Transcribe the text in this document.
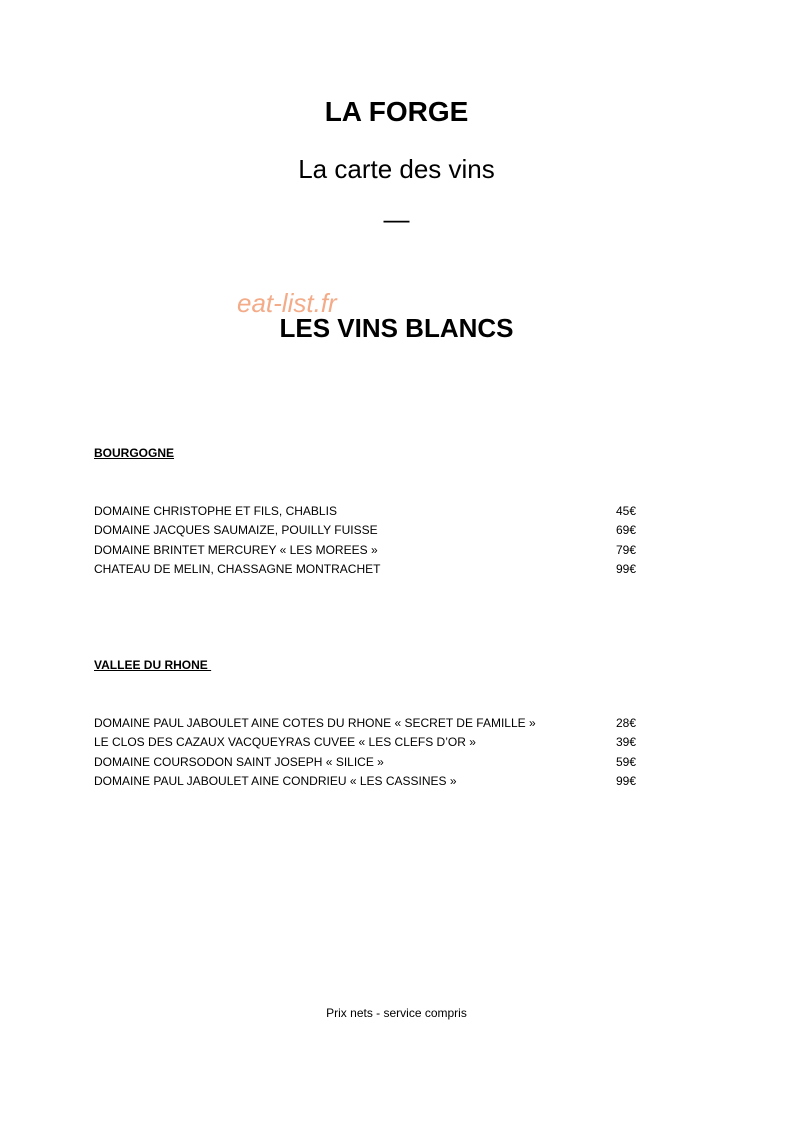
LA FORGE
La carte des vins
—
eat-list.fr
LES VINS BLANCS
BOURGOGNE
DOMAINE CHRISTOPHE ET FILS, CHABLIS	45€
DOMAINE JACQUES SAUMAIZE, POUILLY FUISSE	69€
DOMAINE BRINTET MERCUREY « LES MOREES »	79€
CHATEAU DE MELIN, CHASSAGNE MONTRACHET	99€
VALLEE DU RHONE
DOMAINE PAUL JABOULET AINE COTES DU RHONE « SECRET DE FAMILLE »	28€
LE CLOS DES CAZAUX VACQUEYRAS CUVEE « LES CLEFS D’OR »	39€
DOMAINE COURSODON SAINT JOSEPH « SILICE »	59€
DOMAINE PAUL JABOULET AINE CONDRIEU « LES CASSINES »	99€
Prix nets - service compris
